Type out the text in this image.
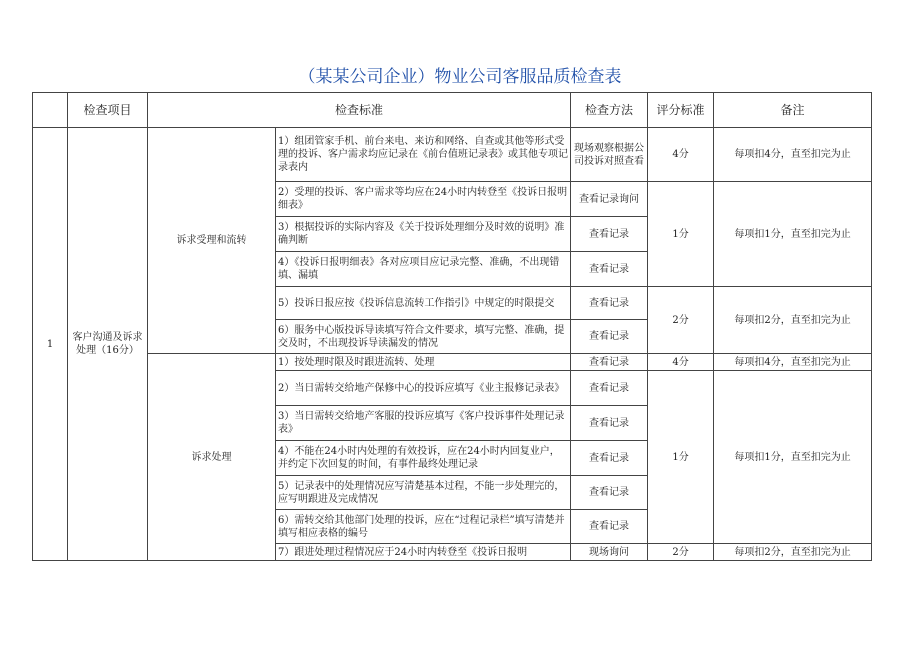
（某某公司企业）物业公司客服品质检查表
	检查项目	检查标准		检查方法	评分标准	备注
1	客户沟通及诉求处理（16分）	诉求受理和流转	1）组团管家手机、前台来电、来访和网络、自查或其他等形式受理的投诉、客户需求均应记录在《前台值班记录表》或其他专项记录表内	现场观察根据公司投诉对照查看	4分	每项扣4分，直至扣完为止
			2）受理的投诉、客户需求等均应在24小时内转登至《投诉日报明细表》	查看记录询问	1分	每项扣1分，直至扣完为止
			3）根据投诉的实际内容及《关于投诉处理细分及时效的说明》准确判断	查看记录		
			4）《投诉日报明细表》各对应项目应记录完整、准确，不出现错填、漏填	查看记录		
			5）投诉日报应按《投诉信息流转工作指引》中规定的时限提交	查看记录	2分	每项扣2分，直至扣完为止
			6）服务中心版投诉导读填写符合文件要求，填写完整、准确，提交及时，不出现投诉导读漏发的情况	查看记录		
		诉求处理	1）按处理时限及时跟进流转、处理	查看记录	4分	每项扣4分，直至扣完为止
			2）当日需转交给地产保修中心的投诉应填写《业主报修记录表》	查看记录	1分	每项扣1分，直至扣完为止
			3）当日需转交给地产客服的投诉应填写《客户投诉事件处理记录表》	查看记录		
			4）不能在24小时内处理的有效投诉，应在24小时内回复业户，并约定下次回复的时间，有事件最终处理记录	查看记录		
			5）记录表中的处理情况应写清楚基本过程，不能一步处理完的，应写明跟进及完成情况	查看记录		
			6）需转交给其他部门处理的投诉，应在“过程记录栏”填写清楚并填写相应表格的编号	查看记录		
			7）跟进处理过程情况应于24小时内转登至《投诉日报明	现场询问	2分	每项扣2分，直至扣完为止
